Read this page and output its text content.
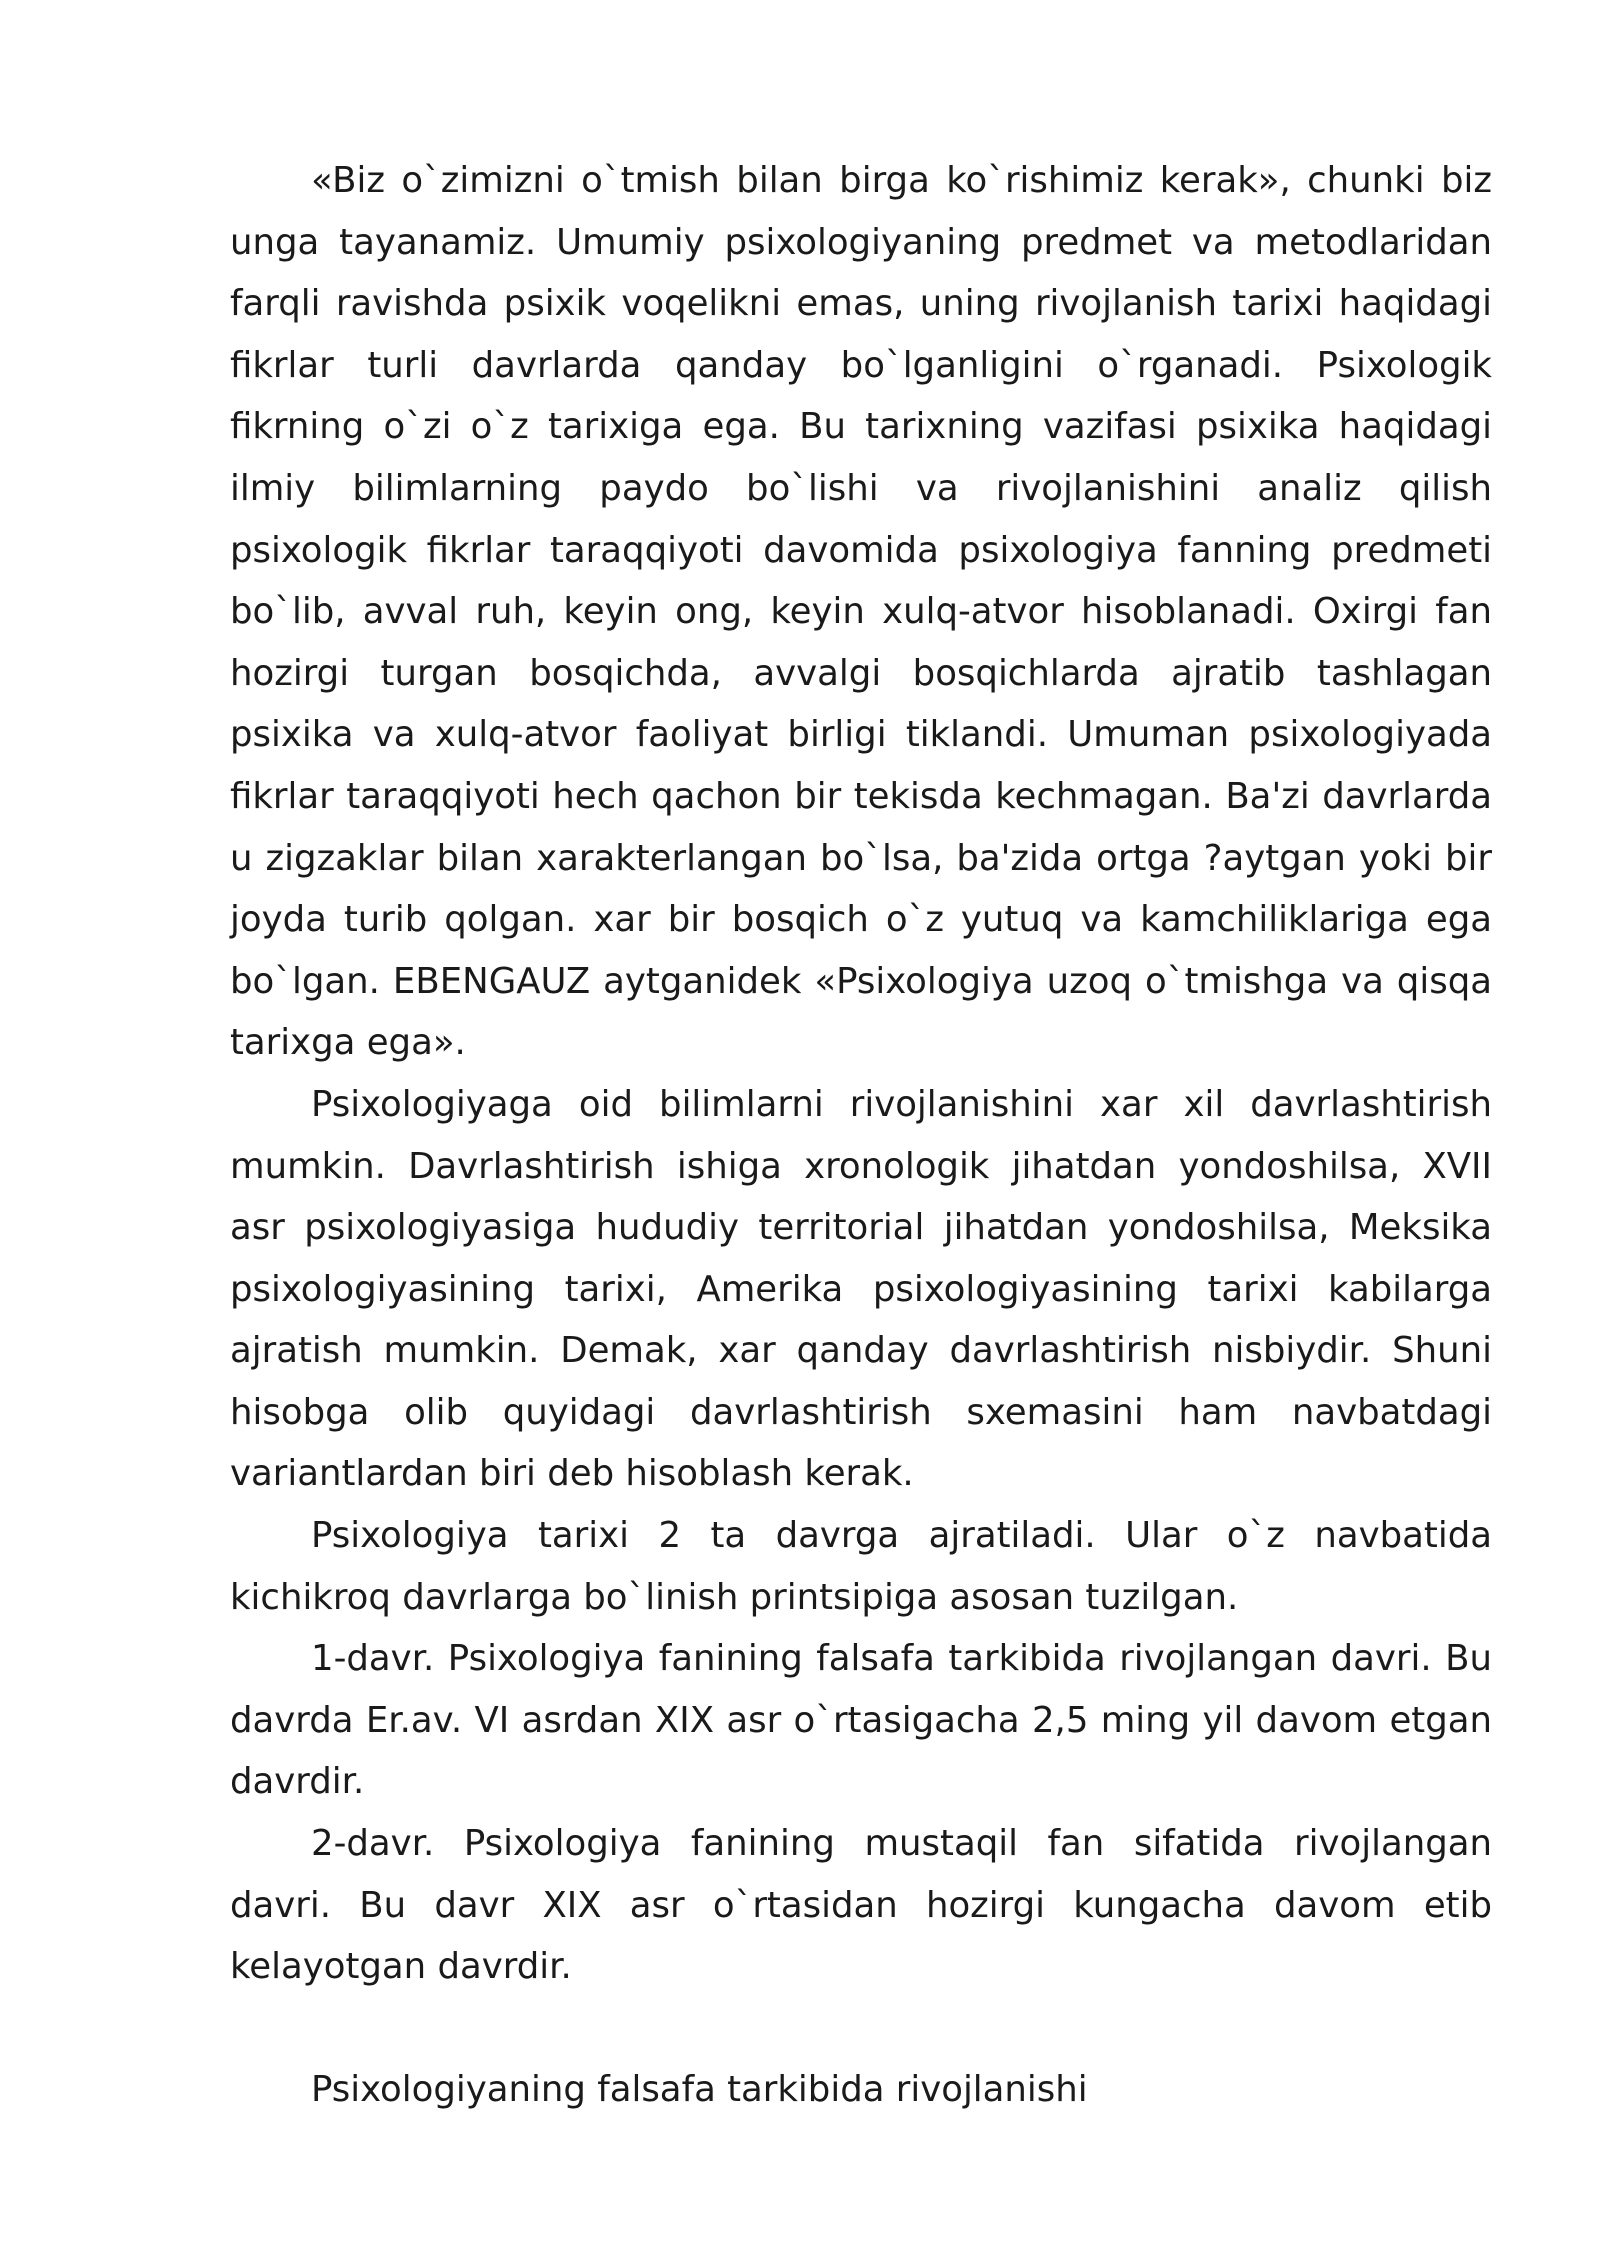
«Biz o`zimizni o`tmish bilan birga ko`rishimiz kerak», chunki biz unga tayanamiz. Umumiy psixologiyaning predmet va metodlaridan farqli ravishda psixik voqelikni emas, uning rivojlanish tarixi haqidagi fikrlar turli davrlarda qanday bo`lganligini o`rganadi. Psixologik fikrning o`zi o`z tarixiga ega. Bu tarixning vazifasi psixika haqidagi ilmiy bilimlarning paydo bo`lishi va rivojlanishini analiz qilish psixologik fikrlar taraqqiyoti davomida psixologiya fanning predmeti bo`lib, avval ruh, keyin ong, keyin xulq-atvor hisoblanadi. Oxirgi fan hozirgi turgan bosqichda, avvalgi bosqichlarda ajratib tashlagan psixika va xulq-atvor faoliyat birligi tiklandi. Umuman psixologiyada fikrlar taraqqiyoti hech qachon bir tekisda kechmagan. Ba'zi davrlarda u zigzaklar bilan xarakterlangan bo`lsa, ba'zida ortga ?aytgan yoki bir joyda turib qolgan. xar bir bosqich o`z yutuq va kamchiliklariga ega bo`lgan. EBENGAUZ aytganidek «Psixologiya uzoq o`tmishga va qisqa tarixga ega».

Psixologiyaga oid bilimlarni rivojlanishini xar xil davrlashtirish mumkin. Davrlashtirish ishiga xronologik jihatdan yondoshilsa, XVII asr psixologiyasiga hududiy territorial jihatdan yondoshilsa, Meksika psixologiyasining tarixi, Amerika psixologiyasining tarixi kabilarga ajratish mumkin. Demak, xar qanday davrlashtirish nisbiydir. Shuni hisobga olib quyidagi davrlashtirish sxemasini ham navbatdagi variantlardan biri deb hisoblash kerak.

Psixologiya tarixi 2 ta davrga ajratiladi. Ular o`z navbatida kichikroq davrlarga bo`linish printsipiga asosan tuzilgan.

1-davr. Psixologiya fanining falsafa tarkibida rivojlangan davri. Bu davrda Er.av. VI asrdan XIX asr o`rtasigacha 2,5 ming yil davom etgan davrdir.

2-davr. Psixologiya fanining mustaqil fan sifatida rivojlangan davri. Bu davr XIX asr o`rtasidan hozirgi kungacha davom etib kelayotgan davrdir.

Psixologiyaning falsafa tarkibida rivojlanishi
